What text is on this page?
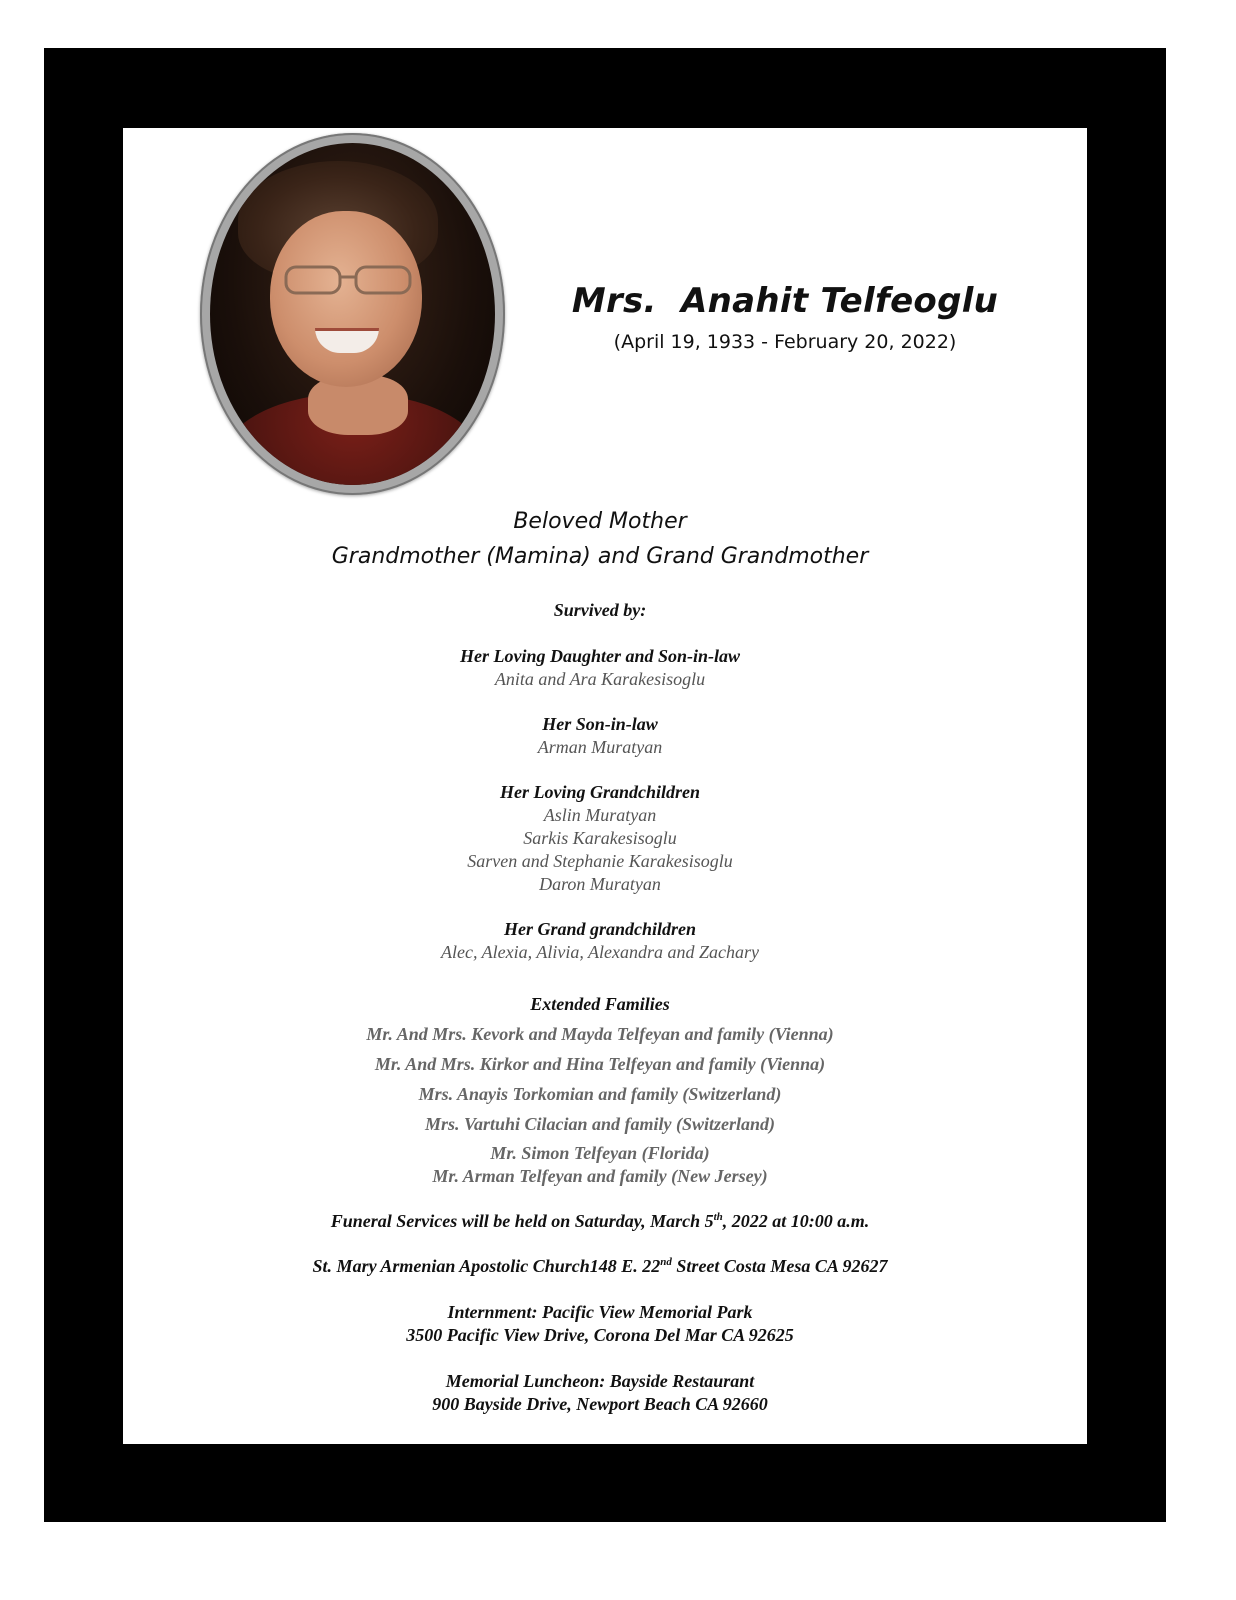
Mrs.  Anahit Telfeoglu
(April 19, 1933 - February 20, 2022)
Beloved Mother
Grandmother (Mamina) and Grand Grandmother
Survived by:
Her Loving Daughter and Son-in-law
Anita and Ara Karakesisoglu
Her Son-in-law
Arman Muratyan
Her Loving Grandchildren
Aslin Muratyan
Sarkis Karakesisoglu
Sarven and Stephanie Karakesisoglu
Daron Muratyan
Her Grand grandchildren
Alec, Alexia, Alivia, Alexandra and Zachary
Extended Families
Mr. And Mrs. Kevork and Mayda Telfeyan and family (Vienna)
Mr. And Mrs. Kirkor and Hina Telfeyan and family (Vienna)
Mrs. Anayis Torkomian and family (Switzerland)
Mrs. Vartuhi Cilacian and family (Switzerland)
Mr. Simon Telfeyan (Florida)
Mr. Arman Telfeyan and family (New Jersey)
Funeral Services will be held on Saturday, March 5th, 2022 at 10:00 a.m.
St. Mary Armenian Apostolic Church148 E. 22nd Street Costa Mesa CA 92627
Internment: Pacific View Memorial Park
3500 Pacific View Drive, Corona Del Mar CA 92625
Memorial Luncheon: Bayside Restaurant
900 Bayside Drive, Newport Beach CA 92660
